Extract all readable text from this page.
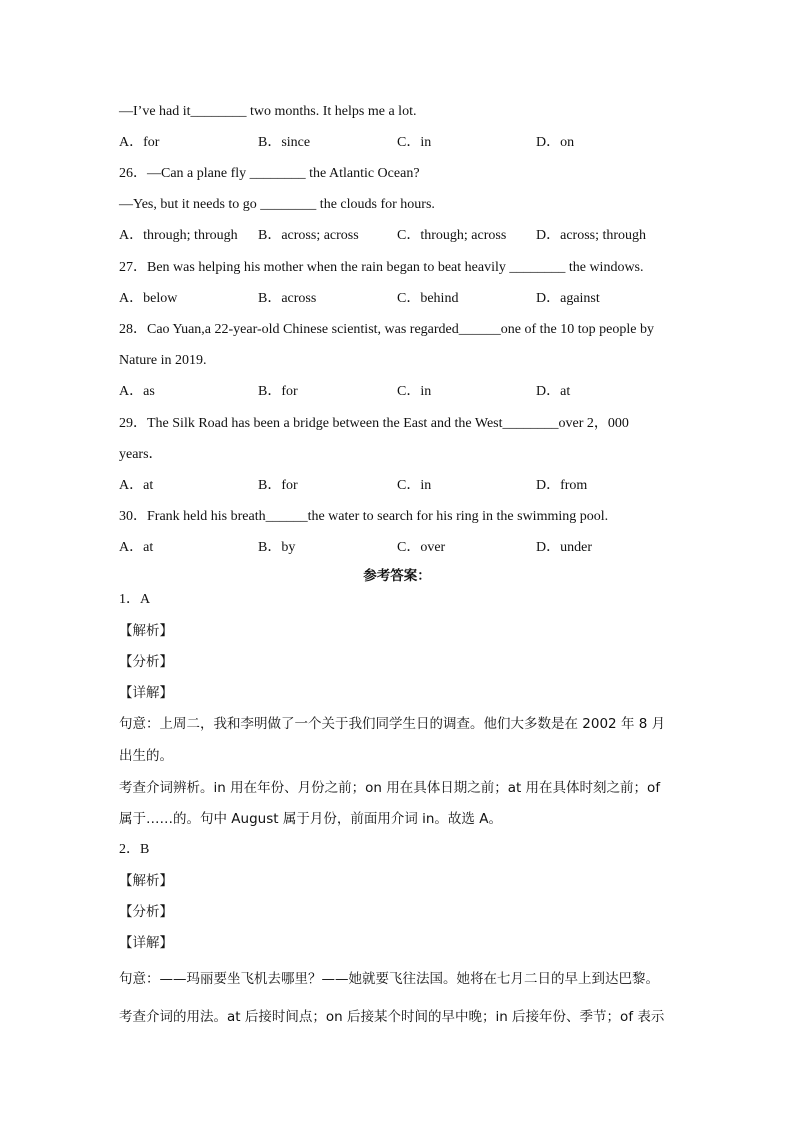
—I’ve had it________ two months. It helps me a lot.
A．for	B．since	C．in	D．on
26．—Can a plane fly ________ the Atlantic Ocean?
—Yes, but it needs to go ________ the clouds for hours.
A．through; through B．across; across	C．through; across D．across; through
27．Ben was helping his mother when the rain began to beat heavily ________ the windows.
A．below	B．across	C．behind	D．against
28．Cao Yuan,a 22-year-old Chinese scientist, was regarded______one of the 10 top people by
Nature in 2019.
A．as	B．for	C．in	D．at
29．The Silk Road has been a bridge between the East and the West________over 2，000
years．
A．at	B．for	C．in	D．from
30．Frank held his breath______the water to search for his ring in the swimming pool.
A．at	B．by	C．over	D．under
参考答案：
1．A
【解析】
【分析】
【详解】
句意：上周二，我和李明做了一个关于我们同学生日的调查。他们大多数是在 2002 年 8 月
出生的。
考查介词辨析。in 用在年份、月份之前；on 用在具体日期之前；at 用在具体时刻之前；of
属于……的。句中 August 属于月份，前面用介词 in。故选 A。
2．B
【解析】
【分析】
【详解】
句意：——玛丽要坐飞机去哪里？——她就要飞往法国。她将在七月二日的早上到达巴黎。
考查介词的用法。at 后接时间点；on 后接某个时间的早中晚；in 后接年份、季节；of 表示
